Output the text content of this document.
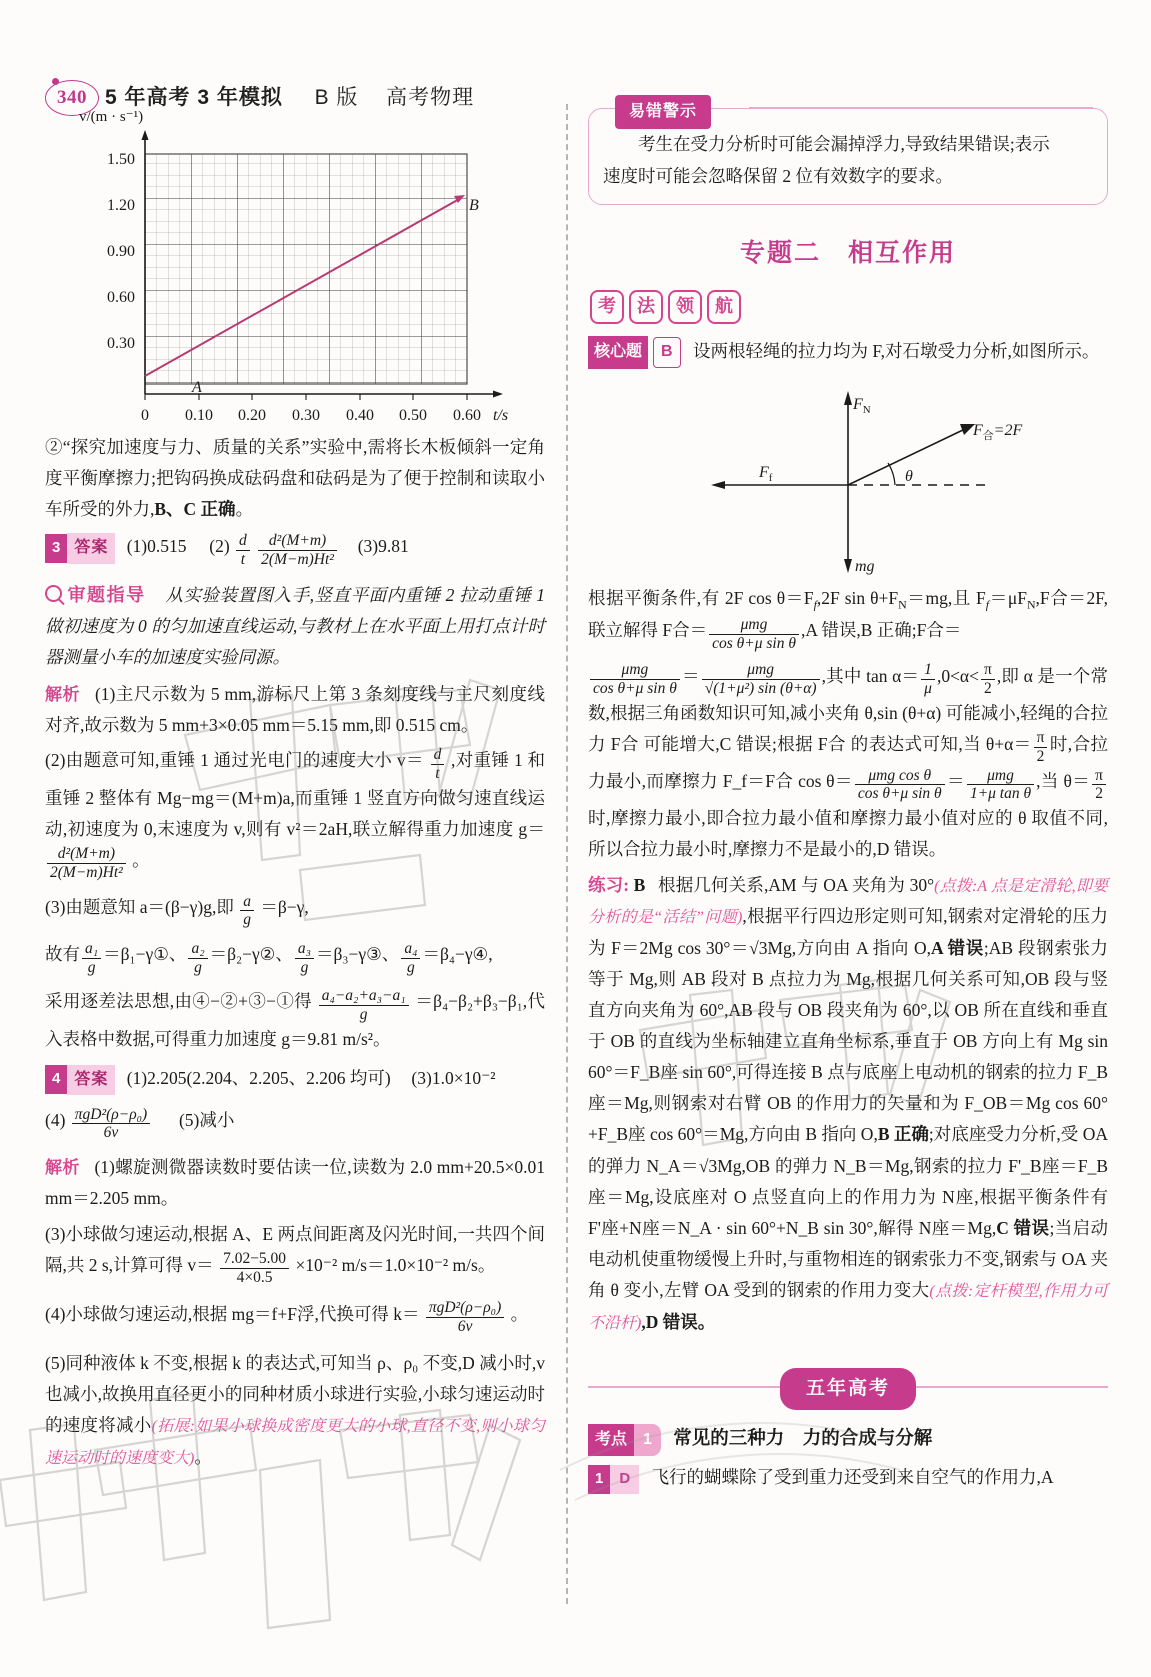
340 5 年高考 3 年模拟 B 版 高考物理
v/(m · s⁻¹)
1.50
1.20
0.90
0.60
0.30
0	0.10	0.20	0.30	0.40	0.50	0.60 t/s
A
B

②“探究加速度与力、质量的关系”实验中,需将长木板倾斜一定角度平衡摩擦力;把钩码换成砝码盘和砝码是为了便于控制和读取小车所受的外力,B、C 正确。

3 答案	(1)0.515 $(2) \frac{d}{t}$
$\frac{\text{d²(M+m)}}{\text{2(M−m)Ht²}} (3)9.81$

审题指导 从实验装置图入手,竖直平面内重锤 2 拉动重锤 1 做初速度为 0 的匀加速直线运动,与教材上在水平面上用打点计时器测量小车的加速度实验同源。

解析 (1)主尺示数为 5 mm,游标尺上第 3 条刻度线与主尺刻度线对齐,故示数为 5 mm+3×0.05 mm＝5.15 mm,即 0.515 cm。

(2)由题意可知,重锤 1 通过光电门的速度大小 $v= \frac{d}{t}$ ,对重锤 1 和重锤 2 整体有 Mg−mg＝(M+m)a,而重锤 1 竖直方向做匀速直线运动,初速度为 0,末速度为 v,则有 v²＝2aH,联立解得重力加速度 g＝
$\frac{\text{d²(M+m)}}{\text{2(M−m)Ht²}}$ 。

(3)由题意知 a＝(β−γ)g,即 $\frac{a}{g} =\beta-\gamma$,

故有 $\frac{\text{a₁}}{g}$ ＝β₁−γ①、 $\frac{\text{a₂}}{g}$ ＝β₂−γ②、 $\frac{\text{a₃}}{g}$ ＝β₃−γ③、 $\frac{\text{a₄}}{g}$ ＝β₄−γ④,

采用逐差法思想,由④−②+③−①得 $\frac{\text{a₄−a₂+a₃−a₁}}{g} =\beta_4-\beta_2+\beta_3-\beta_1$,代入表格中数据,可得重力加速度 g＝9.81 m/s²。

4 答案	(1)2.205(2.204、2.205、2.206 均可) (3)1.0×10⁻²

$(4) \frac{\text{πgD²(ρ−ρ₀)}}{6v} (5)$减小

解析 (1)螺旋测微器读数时要估读一位,读数为 2.0 mm+20.5×0.01 mm＝2.205 mm。

(3)小球做匀速运动,根据 A、E 两点间距离及闪光时间,一共四个间隔,共 2 s,计算可得 $v= \frac{7.02-5.00}{4\times 0.5} \times 10^{-2}$ m/s＝1.0×10⁻² m/s。

(4)小球做匀速运动,根据 mg＝f+F浮,代换可得 $k= \frac{\text{πgD²(ρ−ρ₀)}}{6v}$ 。

(5)同种液体 k 不变,根据 k 的表达式,可知当 ρ、ρ₀ 不变,D 减小时,v 也减小,故换用直径更小的同种材质小球进行实验,小球匀速运动时的速度将减小(拓展:如果小球换成密度更大的小球,直径不变,则小球匀速运动时的速度变大)。

易错警示

考生在受力分析时可能会漏掉浮力,导致结果错误;表示

速度时可能会忽略保留 2 位有效数字的要求。

专题二　相互作用
考	法	领	航

核心题	B	设两根轻绳的拉力均为 F,对石墩受力分析,如图所示。

$F_N$
$F_f$
$F_合=2F$
θ
mg

根据平衡条件,有 2F $\cos \theta=F_f,2F$ $\sin \theta+F_N=mg$,且 $F_f=\mu F_N,F$合＝2F,联立解得 F合＝ $\frac{\text{μmg}}{\text{cos θ+μ sin θ}} ,A$ 错误,B 正确;F合＝

$\frac{\text{μmg}}{\text{cos θ+μ sin θ}} = \frac{\text{μmg}}{\text{√(1+μ²) sin (θ+α)}}$ ,其中 $\tan \alpha= \frac{1}{\mu} ,0<\alpha< \frac{\pi}{2}$ ,即 α 是一个常数,根据三角函数知识可知,减小夹角 θ,sin (θ+α) 可能减小,轻绳的合拉力 F合 可能增大,C 错误;根据 F合 的表达式可知,当 $\theta+\alpha= \frac{\pi}{2}$ 时,合拉力最小,而摩擦力 F_f＝F合 $\cos \theta= \frac{\text{μmg cos θ}}{\text{cos θ+μ sin θ}} = \frac{\text{μmg}}{\text{1+μ tan θ}}$ ,当 $\theta= \frac{\pi}{2}$
时,摩擦力最小,即合拉力最小值和摩擦力最小值对应的 θ 取值不同,所以合拉力最小时,摩擦力不是最小的,D 错误。

练习: B 根据几何关系,AM 与 OA 夹角为 30°(点拨:A 点是定滑轮,即要分析的是“活结”问题),根据平行四边形定则可知,钢索对定滑轮的压力为 F＝2Mg cos 30°＝√3Mg,方向由 A 指向 O,A 错误;AB 段钢索张力等于 Mg,则 AB 段对 B 点拉力为 Mg,根据几何关系可知,OB 段与竖直方向夹角为 60°,AB 段与 OB 段夹角为 60°,以 OB 所在直线和垂直于 OB 的直线为坐标轴建立直角坐标系,垂直于 OB 方向上有 Mg sin 60°＝F_B座 sin 60°,可得连接 B 点与底座上电动机的钢索的拉力 F_B座＝Mg,则钢索对右臂 OB 的作用力的矢量和为 F_OB＝Mg cos 60°+F_B座 cos 60°＝Mg,方向由 B 指向 O,B 正确;对底座受力分析,受 OA 的弹力 N_A＝√3Mg,OB 的弹力 N_B＝Mg,钢索的拉力 F'_B座＝F_B座＝Mg,设底座对 O 点竖直向上的作用力为 N座,根据平衡条件有 F'座+N座＝N_A · sin 60°+N_B sin 30°,解得 N座＝Mg,C 错误;当启动电动机使重物缓慢上升时,与重物相连的钢索张力不变,钢索与 OA 夹角 θ 变小,左臂 OA 受到的钢索的作用力变大(点拨:定杆模型,作用力可不沿杆),D 错误。

五年高考

考点	1	常见的三种力　力的合成与分解

1	D	飞行的蝴蝶除了受到重力还受到来自空气的作用力,A
